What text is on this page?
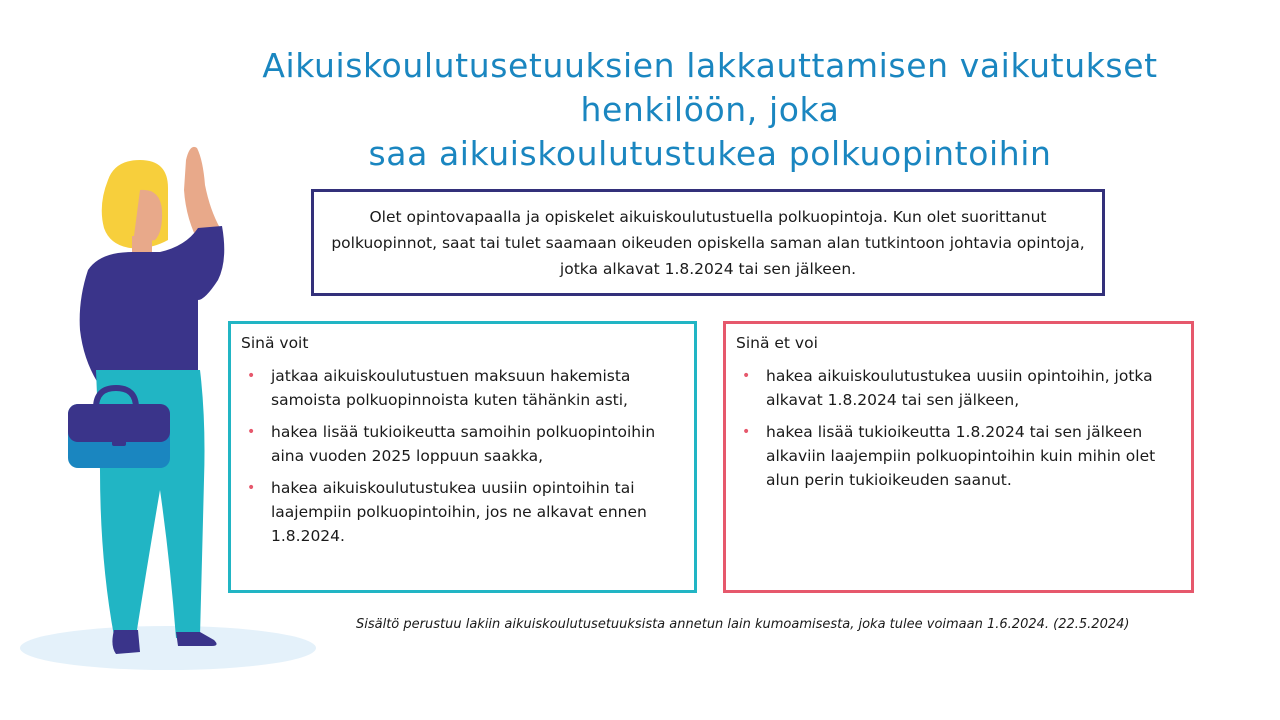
Aikuiskoulutusetuuksien lakkauttamisen vaikutukset
henkilöön, joka
saa aikuiskoulutustukea polkuopintoihin

Olet opintovapaalla ja opiskelet aikuiskoulutustuella polkuopintoja. Kun olet suorittanut polkuopinnot, saat tai tulet saamaan oikeuden opiskella saman alan tutkintoon johtavia opintoja, jotka alkavat 1.8.2024 tai sen jälkeen.

Sinä voit

• jatkaa aikuiskoulutustuen maksuun hakemista samoista polkuopinnoista kuten tähänkin asti,
• hakea lisää tukioikeutta samoihin polkuopintoihin aina vuoden 2025 loppuun saakka,
• hakea aikuiskoulutustukea uusiin opintoihin tai laajempiin polkuopintoihin, jos ne alkavat ennen 1.8.2024.

Sinä et voi

• hakea aikuiskoulutustukea uusiin opintoihin, jotka alkavat 1.8.2024 tai sen jälkeen,
• hakea lisää tukioikeutta 1.8.2024 tai sen jälkeen alkaviin laajempiin polkuopintoihin kuin mihin olet alun perin tukioikeuden saanut.

Sisältö perustuu lakiin aikuiskoulutusetuuksista annetun lain kumoamisesta, joka tulee voimaan 1.6.2024. (22.5.2024)
